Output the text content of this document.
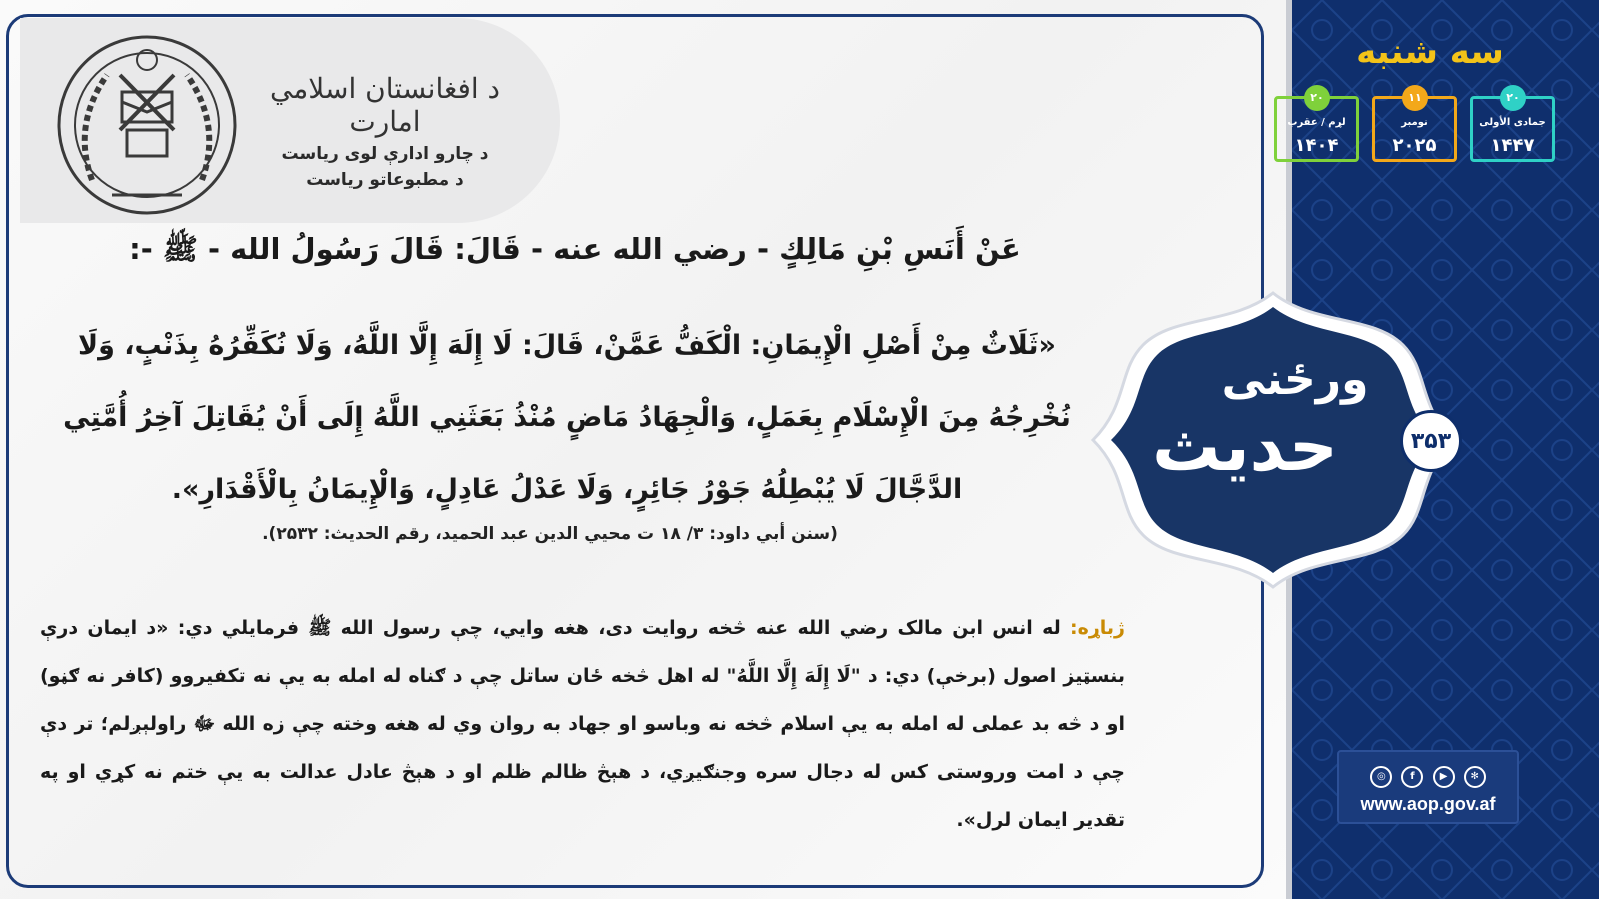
د افغانستان اسلامي امارت
د چارو ادارې لوی ریاست
د مطبوعاتو ریاست
عَنْ أَنَسِ بْنِ مَالِكٍ - رضي الله عنه - قَالَ: قَالَ رَسُولُ الله - ﷺ -:
«ثَلَاثٌ مِنْ أَصْلِ الْإِيمَانِ: الْكَفُّ عَمَّنْ، قَالَ: لَا إِلَهَ إِلَّا اللَّهُ، وَلَا نُكَفِّرُهُ بِذَنْبٍ، وَلَا نُخْرِجُهُ مِنَ الْإِسْلَامِ بِعَمَلٍ، وَالْجِهَادُ مَاضٍ مُنْذُ بَعَثَنِي اللَّهُ إِلَى أَنْ يُقَاتِلَ آخِرُ أُمَّتِي الدَّجَّالَ لَا يُبْطِلُهُ جَوْرُ جَائِرٍ، وَلَا عَدْلُ عَادِلٍ، وَالْإِيمَانُ بِالْأَقْدَارِ».
(سنن أبي داود: ۳/ ۱۸ ت محيي الدين عبد الحميد، رقم الحديث: ۲۵۳۲).
ژباړه: له انس ابن مالک رضي الله عنه څخه روایت دی، هغه وایي، چې رسول الله ﷺ فرمایلي دي: «د ایمان درې بنسټیز اصول (برخې) دي: د "لَا إِلَهَ إِلَّا اللَّهُ" له اهل څخه ځان ساتل چې د ګناه له امله به يې نه تکفیروو (کافر نه ګڼو) او د څه بد عملی له امله به يې اسلام څخه نه وباسو او جهاد به روان وي له هغه وخته چې زه الله ﷻ راولېږلم؛ تر دې چې د امت وروستی کس له دجال سره وجنګیږي، د هېڅ ظالم ظلم او د هېڅ عادل عدالت به يې ختم نه کړي او په تقدیر ایمان لرل».
سه شنبه
۲۰
جمادى الأولى
۱۴۴۷
۱۱
نومبر
۲۰۲۵
۲۰
لړم / عقرب
۱۴۰۴
ورځنی
حدیث	۳۵۳
◎ f	▶ ✻
www.aop.gov.af
